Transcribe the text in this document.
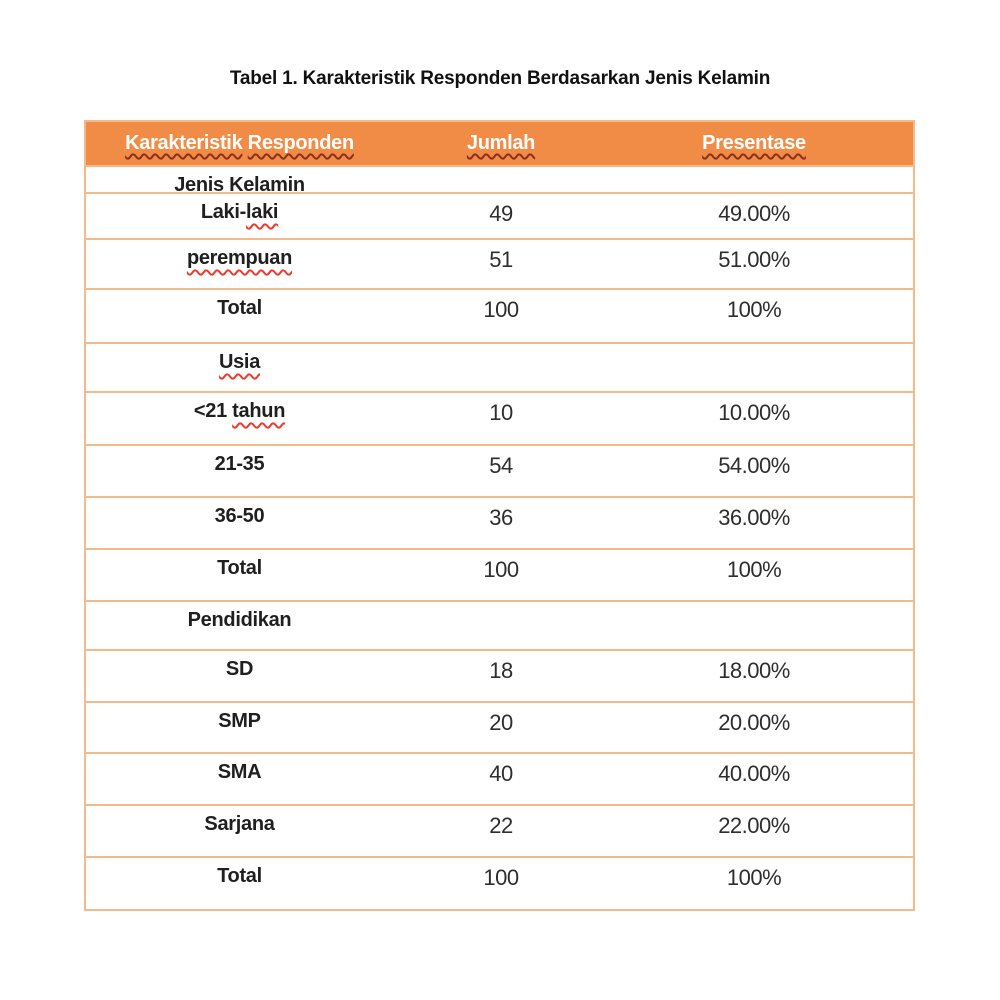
Tabel 1. Karakteristik Responden Berdasarkan Jenis Kelamin
Karakteristik Responden	Jumlah	Presentase
Jenis Kelamin
Laki-laki	49	49.00%
perempuan	51	51.00%
Total	100	100%
Usia
<21 tahun	10	10.00%
21-35	54	54.00%
36-50	36	36.00%
Total	100	100%
Pendidikan
SD	18	18.00%
SMP	20	20.00%
SMA	40	40.00%
Sarjana	22	22.00%
Total	100	100%
